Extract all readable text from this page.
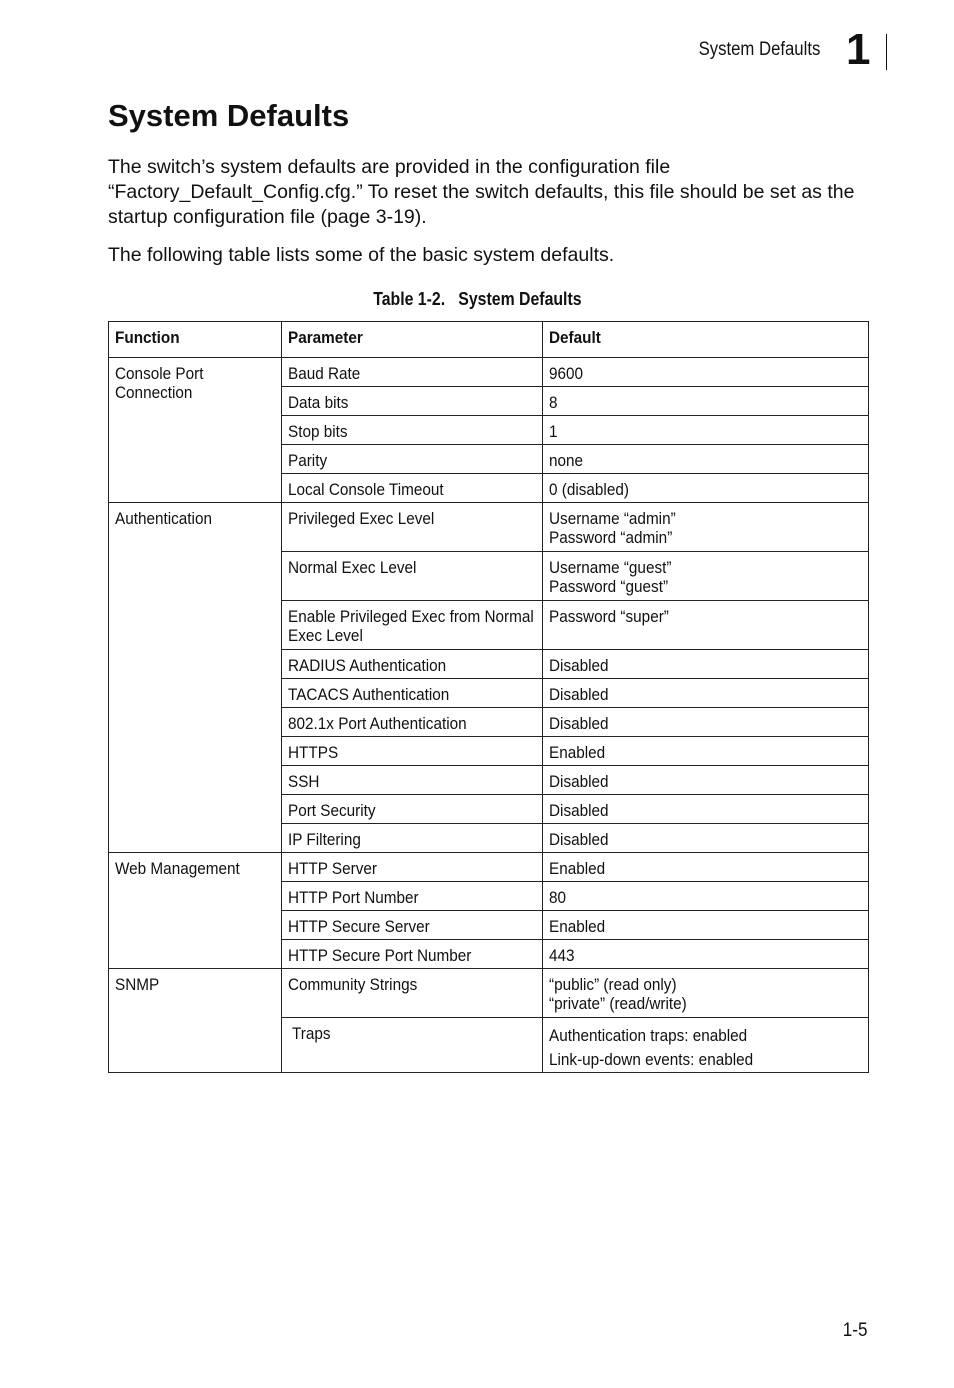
System Defaults 1
System Defaults

The switch’s system defaults are provided in the configuration file “Factory_Default_Config.cfg.” To reset the switch defaults, this file should be set as the startup configuration file (page 3-19).

The following table lists some of the basic system defaults.

Table 1-2.   System Defaults
Function	Parameter	Default
Console Port
Connection	Baud Rate	9600
	Data bits	8
	Stop bits	1
	Parity	none
	Local Console Timeout	0 (disabled)
Authentication	Privileged Exec Level	Username “admin”
Password “admin”
	Normal Exec Level	Username “guest”
Password “guest”
	Enable Privileged Exec from Normal
Exec Level	Password “super”
	RADIUS Authentication	Disabled
	TACACS Authentication	Disabled
	802.1x Port Authentication	Disabled
	HTTPS	Enabled
	SSH	Disabled
	Port Security	Disabled
	IP Filtering	Disabled
Web Management	HTTP Server	Enabled
	HTTP Port Number	80
	HTTP Secure Server	Enabled
	HTTP Secure Port Number	443
SNMP	Community Strings	“public” (read only)
“private” (read/write)
	Traps	Authentication traps: enabled
Link-up-down events: enabled
1-5
